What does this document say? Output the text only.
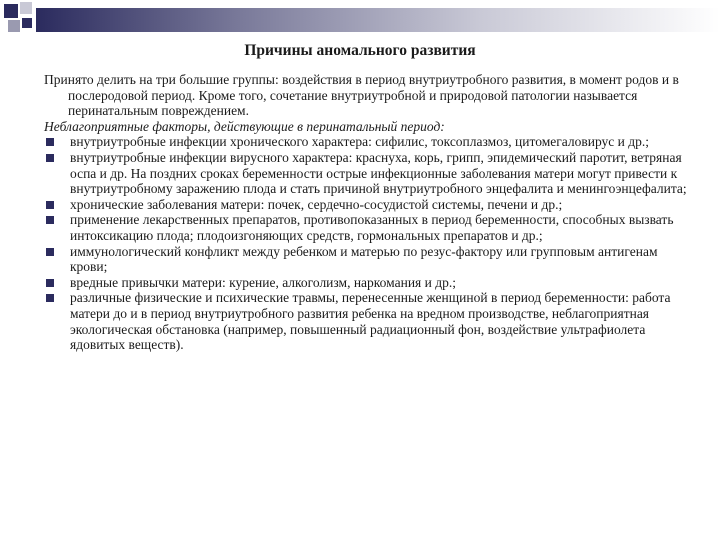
Причины аномального развития

Принято делить на три большие группы: воздействия в период внутриутробного развития, в момент родов и в послеродовой период. Кроме того, сочетание внутриутробной и природовой патологии называется перинатальным повреждением.

Неблагоприятные факторы, действующие в перинатальный период:

внутриутробные инфекции хронического характера: сифилис, токсоплазмоз, цитомегаловирус и др.;
внутриутробные инфекции вирусного характера: краснуха, корь, грипп, эпидемический паротит, ветряная оспа и др. На поздних сроках беременности острые инфекционные заболевания матери могут привести к внутриутробному заражению плода и стать причиной внутриутробного энцефалита и менингоэнцефалита;
хронические заболевания матери: почек, сердечно-сосудистой системы, печени и др.;
применение лекарственных препаратов, противопоказанных в период беременности, способных вызвать интоксикацию плода; плодоизгоняющих средств, гормональных препаратов и др.;
иммунологический конфликт между ребенком и матерью по резус-фактору или групповым антигенам крови;
вредные привычки матери: курение, алкоголизм, наркомания и др.;
различные физические и психические травмы, перенесенные женщиной в период беременности: работа матери до и в период внутриутробного развития ребенка на вредном производстве, неблагоприятная экологическая обстановка (например, повышенный радиационный фон, воздействие ультрафиолета ядовитых веществ).
